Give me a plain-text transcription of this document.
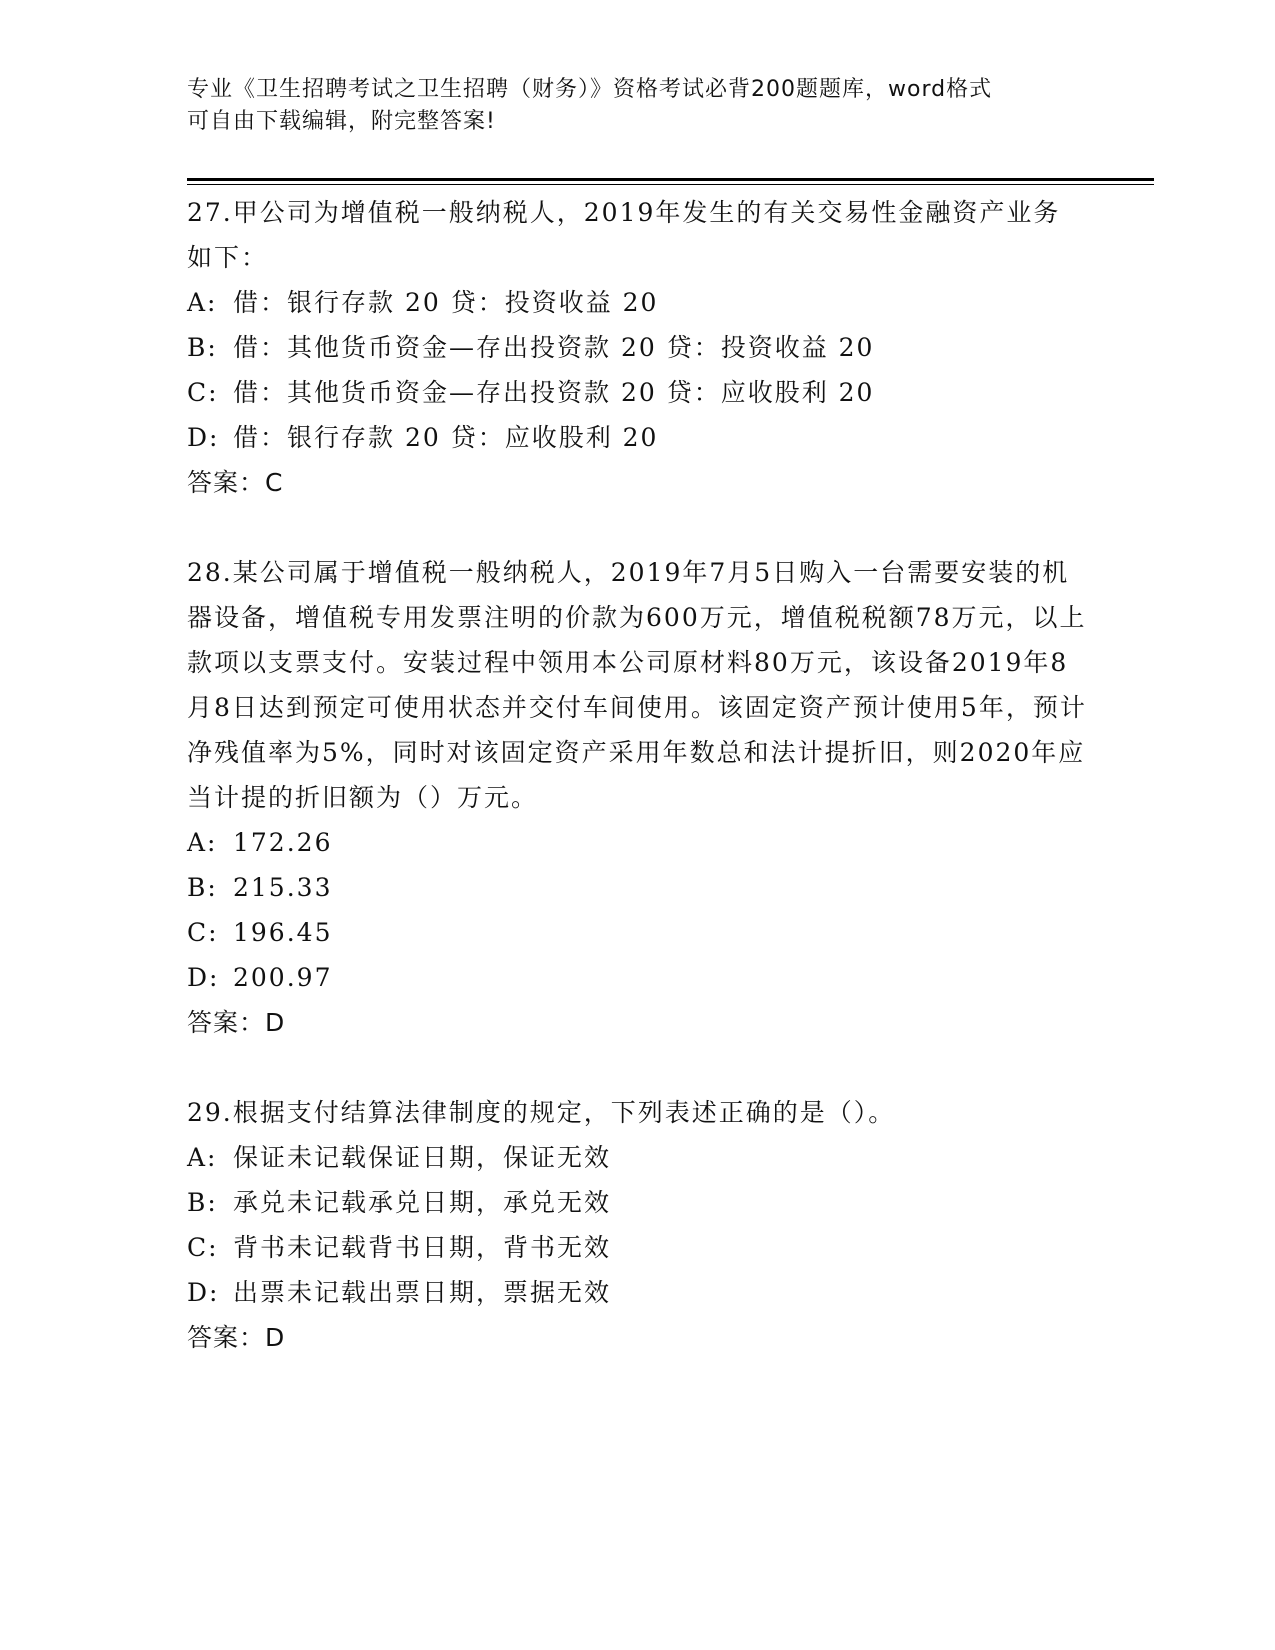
专业《卫生招聘考试之卫生招聘（财务）》资格考试必背200题题库，word格式
可自由下载编辑，附完整答案!

27.甲公司为增值税一般纳税人，2019年发生的有关交易性金融资产业务如下：

A: 借：银行存款 20 贷：投资收益 20
B: 借：其他货币资金—存出投资款 20 贷：投资收益 20
C: 借：其他货币资金—存出投资款 20 贷：应收股利 20
D: 借：银行存款 20 贷：应收股利 20
答案：C

28.某公司属于增值税一般纳税人，2019年7月5日购入一台需要安装的机器设备，增值税专用发票注明的价款为600万元，增值税税额78万元，以上款项以支票支付。安装过程中领用本公司原材料80万元，该设备2019年8月8日达到预定可使用状态并交付车间使用。该固定资产预计使用5年，预计净残值率为5%，同时对该固定资产采用年数总和法计提折旧，则2020年应当计提的折旧额为（）万元。

A: 172.26
B: 215.33
C: 196.45
D: 200.97
答案：D

29.根据支付结算法律制度的规定，下列表述正确的是（）。

A: 保证未记载保证日期，保证无效
B: 承兑未记载承兑日期，承兑无效
C: 背书未记载背书日期，背书无效
D: 出票未记载出票日期，票据无效
答案：D
